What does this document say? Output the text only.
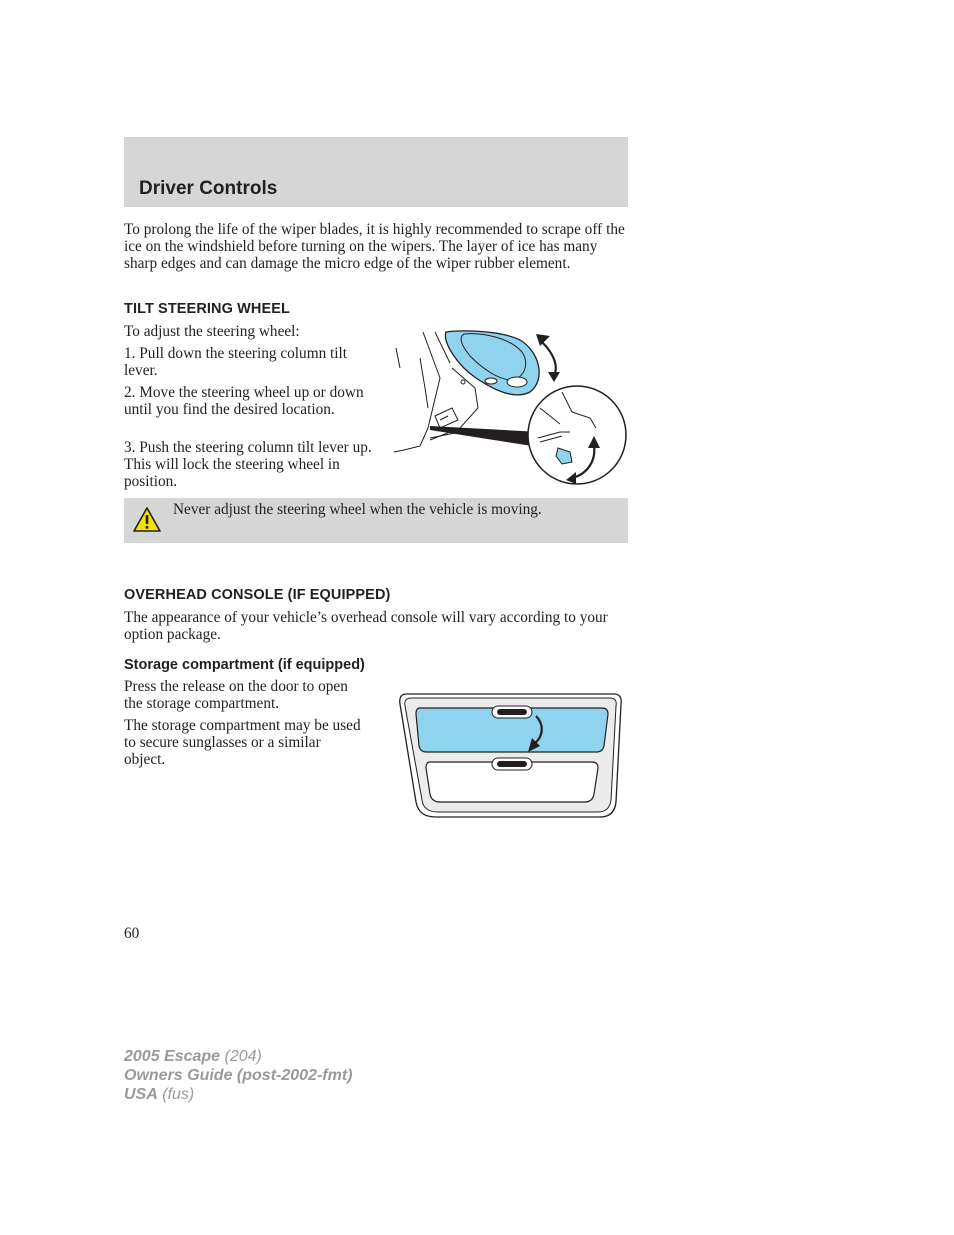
Driver Controls

To prolong the life of the wiper blades, it is highly recommended to scrape off the ice on the windshield before turning on the wipers. The layer of ice has many sharp edges and can damage the micro edge of the wiper rubber element.

TILT STEERING WHEEL

To adjust the steering wheel:

1. Pull down the steering column tilt lever.

2. Move the steering wheel up or down until you find the desired location.

3. Push the steering column tilt lever up. This will lock the steering wheel in position.

Never adjust the steering wheel when the vehicle is moving.

OVERHEAD CONSOLE (IF EQUIPPED)

The appearance of your vehicle’s overhead console will vary according to your option package.

Storage compartment (if equipped)

Press the release on the door to open the storage compartment.

The storage compartment may be used to secure sunglasses or a similar object.

60

2005 Escape (204)
Owners Guide (post-2002-fmt)
USA (fus)
